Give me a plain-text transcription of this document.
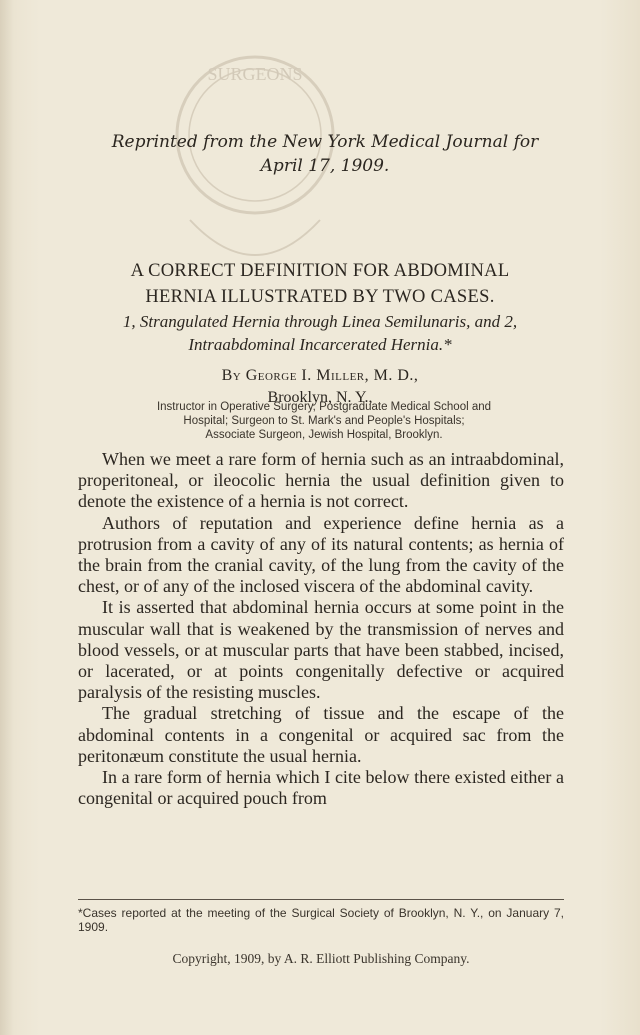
SURGEONS
Reprinted from the New York Medical Journal for
April 17, 1909.
A CORRECT DEFINITION FOR ABDOMINAL
HERNIA ILLUSTRATED BY TWO CASES.
1, Strangulated Hernia through Linea Semilunaris, and 2,
Intraabdominal Incarcerated Hernia.*
By George I. Miller, M. D.,
Brooklyn, N. Y.,
Instructor in Operative Surgery, Postgraduate Medical School and
Hospital; Surgeon to St. Mark's and People's Hospitals;
Associate Surgeon, Jewish Hospital, Brooklyn.

When we meet a rare form of hernia such as an intraabdominal, properitoneal, or ileocolic hernia the usual definition given to denote the existence of a hernia is not correct.

Authors of reputation and experience define hernia as a protrusion from a cavity of any of its natural contents; as hernia of the brain from the cranial cavity, of the lung from the cavity of the chest, or of any of the inclosed viscera of the abdominal cavity.

It is asserted that abdominal hernia occurs at some point in the muscular wall that is weakened by the transmission of nerves and blood vessels, or at muscular parts that have been stabbed, incised, or lacerated, or at points congenitally defective or acquired paralysis of the resisting muscles.

The gradual stretching of tissue and the escape of the abdominal contents in a congenital or acquired sac from the peritonæum constitute the usual hernia.

In a rare form of hernia which I cite below there existed either a congenital or acquired pouch from

*Cases reported at the meeting of the Surgical Society of Brooklyn, N. Y., on January 7, 1909.
Copyright, 1909, by A. R. Elliott Publishing Company.
